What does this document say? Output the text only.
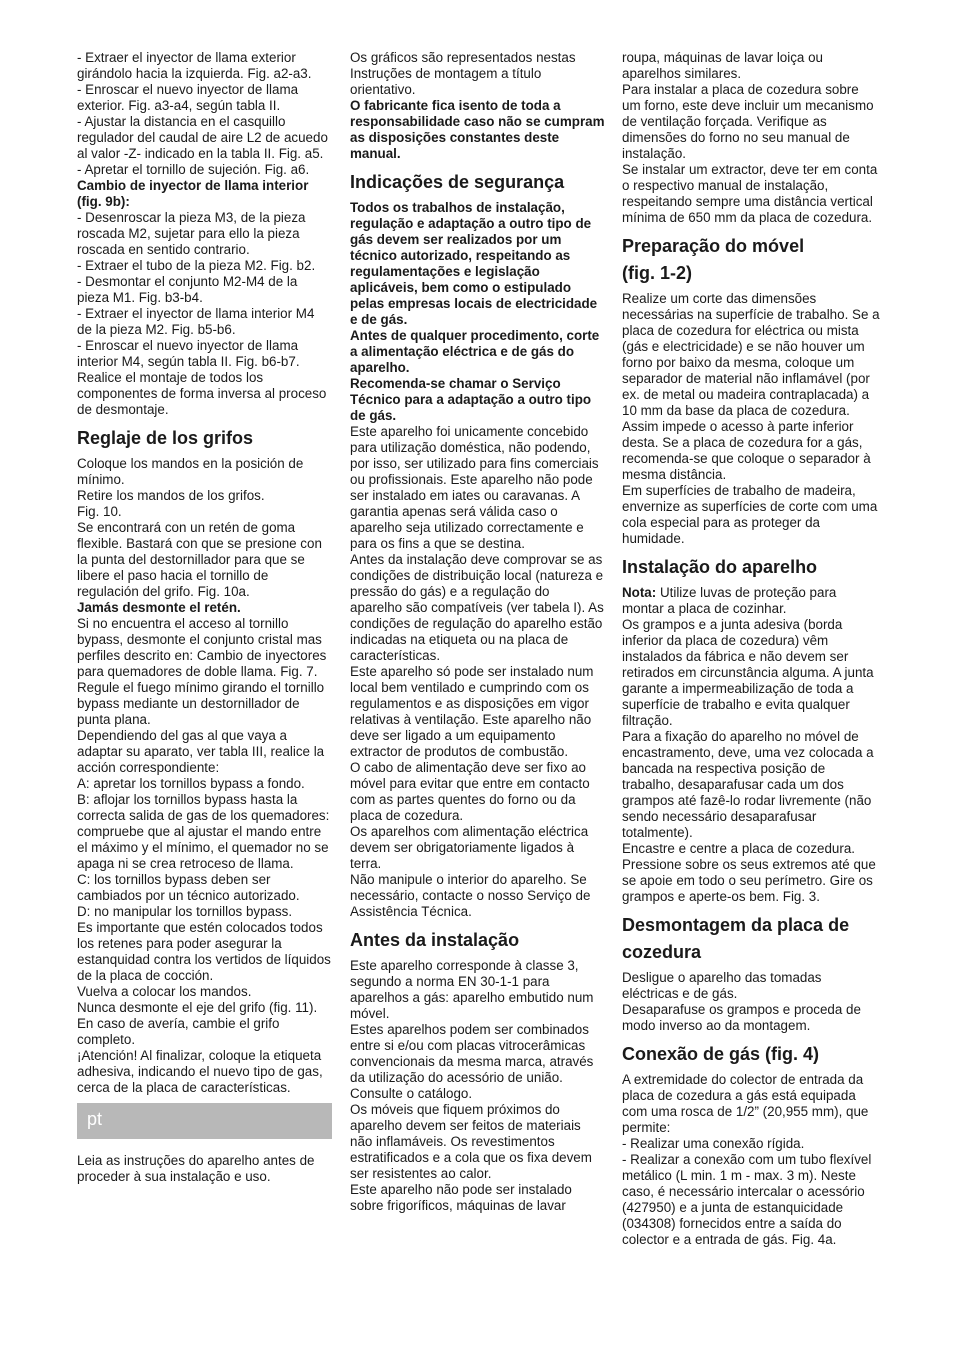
- Extraer el inyector de llama exterior girándolo hacia la izquierda. Fig. a2-a3.
- Enroscar el nuevo inyector de llama exterior. Fig. a3-a4, según tabla II.
- Ajustar la distancia en el casquillo regulador del caudal de aire L2 de acuedo al valor -Z- indicado en la tabla II. Fig. a5.
- Apretar el tornillo de sujeción. Fig. a6.

Cambio de inyector de llama interior (fig. 9b):

- Desenroscar la pieza M3, de la pieza roscada M2, sujetar para ello la pieza roscada en sentido contrario.
- Extraer el tubo de la pieza M2. Fig. b2.
- Desmontar el conjunto M2-M4 de la pieza M1. Fig. b3-b4.
- Extraer el inyector de llama interior M4 de la pieza M2. Fig. b5-b6.
- Enroscar el nuevo inyector de llama interior M4, según tabla II. Fig. b6-b7.
Realice el montaje de todos los componentes de forma inversa al proceso de desmontaje.

Reglaje de los grifos

Coloque los mandos en la posición de mínimo.
Retire los mandos de los grifos.
Fig. 10.
Se encontrará con un retén de goma flexible. Bastará con que se presione con la punta del destornillador para que se libere el paso hacia el tornillo de regulación del grifo. Fig. 10a.

Jamás desmonte el retén.

Si no encuentra el acceso al tornillo bypass, desmonte el conjunto cristal mas perfiles descrito en: Cambio de inyectores para quemadores de doble llama. Fig. 7.
Regule el fuego mínimo girando el tornillo bypass mediante un destornillador de punta plana.
Dependiendo del gas al que vaya a adaptar su aparato, ver tabla III, realice la acción correspondiente:
A: apretar los tornillos bypass a fondo.
B: aflojar los tornillos bypass hasta la correcta salida de gas de los quemadores:
compruebe que al ajustar el mando entre el máximo y el mínimo, el quemador no se apaga ni se crea retroceso de llama.
C: los tornillos bypass deben ser cambiados por un técnico autorizado.
D: no manipular los tornillos bypass.
Es importante que estén colocados todos los retenes para poder asegurar la estanquidad contra los vertidos de líquidos de la placa de cocción.
Vuelva a colocar los mandos.
Nunca desmonte el eje del grifo (fig. 11). En caso de avería, cambie el grifo completo.
¡Atención! Al finalizar, coloque la etiqueta adhesiva, indicando el nuevo tipo de gas, cerca de la placa de características.

pt

Leia as instruções do aparelho antes de proceder à sua instalação e uso.

Os gráficos são representados nestas Instruções de montagem a título orientativo.

O fabricante fica isento de toda a responsabilidade caso não se cumpram as disposições constantes deste manual.

Indicações de segurança

Todos os trabalhos de instalação, regulação e adaptação a outro tipo de gás devem ser realizados por um técnico autorizado, respeitando as regulamentações e legislação aplicáveis, bem como o estipulado pelas empresas locais de electricidade e de gás.
Antes de qualquer procedimento, corte a alimentação eléctrica e de gás do aparelho.
Recomenda-se chamar o Serviço Técnico para a adaptação a outro tipo de gás.

Este aparelho foi unicamente concebido para utilização doméstica, não podendo, por isso, ser utilizado para fins comerciais ou profissionais. Este aparelho não pode ser instalado em iates ou caravanas. A garantia apenas será válida caso o aparelho seja utilizado correctamente e para os fins a que se destina.
Antes da instalação deve comprovar se as condições de distribuição local (natureza e pressão do gás) e a regulação do aparelho são compatíveis (ver tabela I). As condições de regulação do aparelho estão indicadas na etiqueta ou na placa de características.
Este aparelho só pode ser instalado num local bem ventilado e cumprindo com os regulamentos e as disposições em vigor relativas à ventilação. Este aparelho não deve ser ligado a um equipamento extractor de produtos de combustão.
O cabo de alimentação deve ser fixo ao móvel para evitar que entre em contacto com as partes quentes do forno ou da placa de cozedura.
Os aparelhos com alimentação eléctrica devem ser obrigatoriamente ligados à terra.
Não manipule o interior do aparelho. Se necessário, contacte o nosso Serviço de Assistência Técnica.

Antes da instalação

Este aparelho corresponde à classe 3, segundo a norma EN 30-1-1 para aparelhos a gás: aparelho embutido num móvel.
Estes aparelhos podem ser combinados entre si e/ou com placas vitrocerâmicas convencionais da mesma marca, através da utilização do acessório de união.
Consulte o catálogo.
Os móveis que fiquem próximos do aparelho devem ser feitos de materiais não inflamáveis. Os revestimentos estratificados e a cola que os fixa devem ser resistentes ao calor.
Este aparelho não pode ser instalado sobre frigoríficos, máquinas de lavar

roupa, máquinas de lavar loiça ou aparelhos similares.
Para instalar a placa de cozedura sobre um forno, este deve incluir um mecanismo de ventilação forçada. Verifique as dimensões do forno no seu manual de instalação.
Se instalar um extractor, deve ter em conta o respectivo manual de instalação, respeitando sempre uma distância vertical mínima de 650 mm da placa de cozedura.

Preparação do móvel
(fig. 1-2)

Realize um corte das dimensões necessárias na superfície de trabalho. Se a placa de cozedura for eléctrica ou mista (gás e electricidade) e se não houver um forno por baixo da mesma, coloque um separador de material não inflamável (por ex. de metal ou madeira contraplacada) a 10 mm da base da placa de cozedura. Assim impede o acesso à parte inferior desta. Se a placa de cozedura for a gás, recomenda-se que coloque o separador à mesma distância.
Em superfícies de trabalho de madeira, envernize as superfícies de corte com uma cola especial para as proteger da humidade.

Instalação do aparelho

Nota: Utilize luvas de proteção para montar a placa de cozinhar.

Os grampos e a junta adesiva (borda inferior da placa de cozedura) vêm instalados da fábrica e não devem ser retirados em circunstância alguma. A junta garante a impermeabilização de toda a superfície de trabalho e evita qualquer filtração.
Para a fixação do aparelho no móvel de encastramento, deve, uma vez colocada a bancada na respectiva posição de trabalho, desaparafusar cada um dos grampos até fazê-lo rodar livremente (não sendo necessário desaparafusar totalmente).
Encastre e centre a placa de cozedura. Pressione sobre os seus extremos até que se apoie em todo o seu perímetro. Gire os grampos e aperte-os bem. Fig. 3.

Desmontagem da placa de cozedura

Desligue o aparelho das tomadas eléctricas e de gás.
Desaparafuse os grampos e proceda de modo inverso ao da montagem.

Conexão de gás (fig. 4)

A extremidade do colector de entrada da placa de cozedura a gás está equipada com uma rosca de 1/2” (20,955 mm), que permite:
- Realizar uma conexão rígida.
- Realizar a conexão com um tubo flexível metálico (L min. 1 m - max. 3 m). Neste caso, é necessário intercalar o acessório (427950) e a junta de estanquicidade (034308) fornecidos entre a saída do colector e a entrada de gás. Fig. 4a.
